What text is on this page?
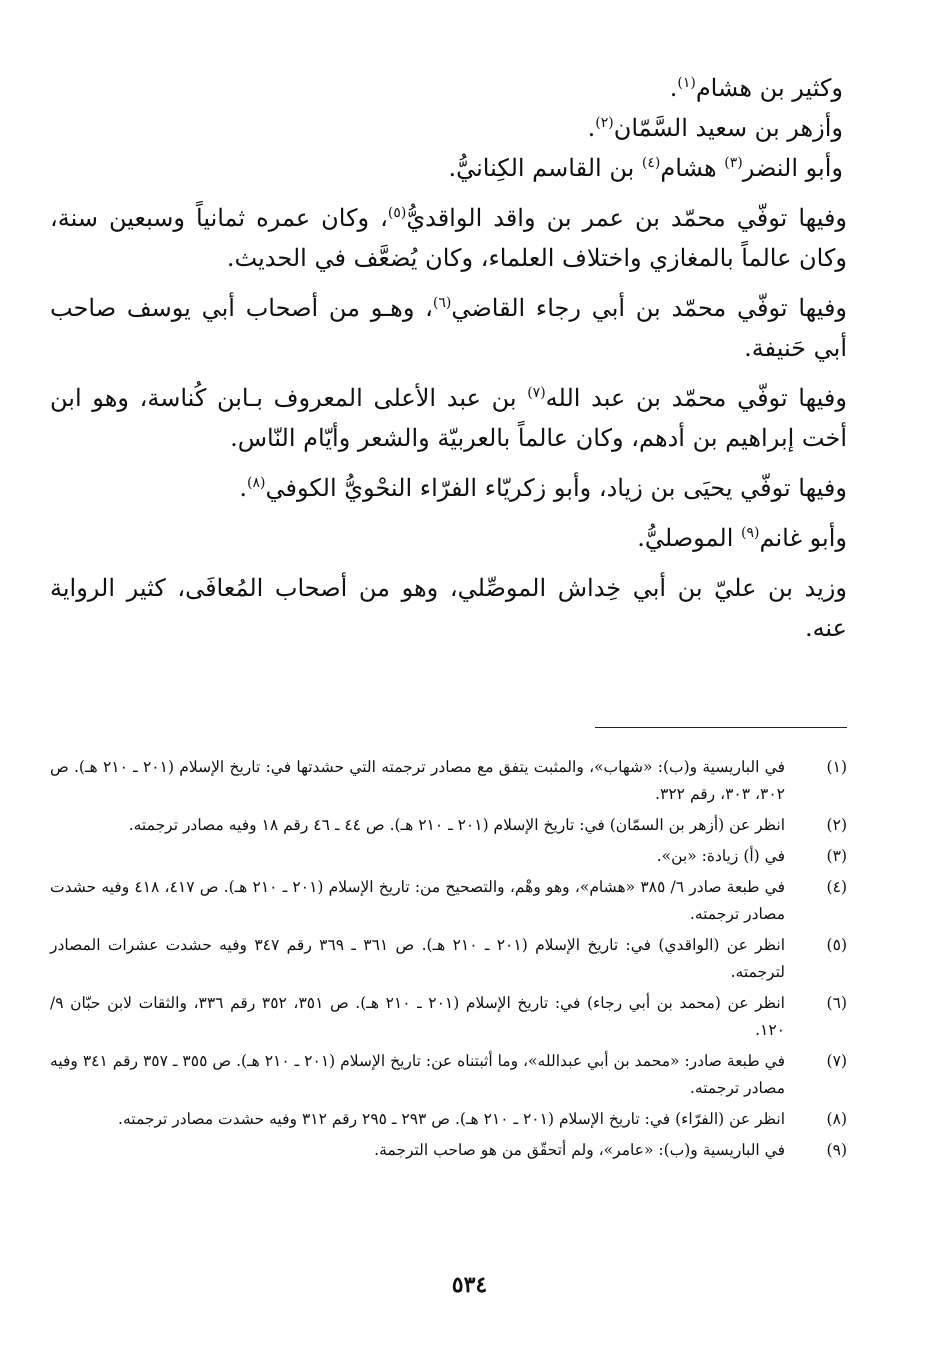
وكثير بن هشام$^{(١)}$.

وأزهر بن سعيد السَّمّان$^{(٢)}$.

وأبو النضر$^{(٣)}$ هشام$^{(٤)}$ بن القاسم الكِنانيُّ.

وفيها توفّي محمّد بن عمر بن واقد الواقديُّ$^{(٥)}$، وكان عمره ثمانياً وسبعين سنة، وكان عالماً بالمغازي واختلاف العلماء، وكان يُضعَّف في الحديث.

وفيها توفّي محمّد بن أبي رجاء القاضي$^{(٦)}$، وهـو من أصحاب أبي يوسف صاحب أبي حَنيفة.

وفيها توفّي محمّد بن عبد الله$^{(٧)}$ بن عبد الأعلى المعروف بـابن كُناسة، وهو ابن أخت إبراهيم بن أدهم، وكان عالماً بالعربيّة والشعر وأيّام النّاس.

وفيها توفّي يحيَى بن زياد، وأبو زكريّاء الفرّاء النحْويُّ الكوفي$^{(٨)}$.

وأبو غانم$^{(٩)}$ الموصليُّ.

وزيد بن عليّ بن أبي خِداش الموصِّلي، وهو من أصحاب المُعافَى، كثير الرواية عنه.

(١)
في الباريسية و(ب): «شهاب»، والمثبت يتفق مع مصادر ترجمته التي حشدتها في: تاريخ الإسلام (٢٠١ ـ ٢١٠ هـ). ص ٣٠٢، ٣٠٣، رقم ٣٢٢.
(٢)
انظر عن (أزهر بن السمّان) في: تاريخ الإسلام (٢٠١ ـ ٢١٠ هـ). ص ٤٤ ـ ٤٦ رقم ١٨ وفيه مصادر ترجمته.
(٣)
في (أ) زيادة: «بن».
(٤)
في طبعة صادر ٦/ ٣٨٥ «هشام»، وهو وهْم، والتصحيح من: تاريخ الإسلام (٢٠١ ـ ٢١٠ هـ). ص ٤١٧، ٤١٨ وفيه حشدت مصادر ترجمته.
(٥)
انظر عن (الواقدي) في: تاريخ الإسلام (٢٠١ ـ ٢١٠ هـ). ص ٣٦١ ـ ٣٦٩ رقم ٣٤٧ وفيه حشدت عشرات المصادر لترجمته.
(٦)
انظر عن (محمد بن أبي رجاء) في: تاريخ الإسلام (٢٠١ ـ ٢١٠ هـ). ص ٣٥١، ٣٥٢ رقم ٣٣٦، والثقات لابن حبّان ٩/ ١٢٠.
(٧)
في طبعة صادر: «محمد بن أبي عبدالله»، وما أثبتناه عن: تاريخ الإسلام (٢٠١ ـ ٢١٠ هـ). ص ٣٥٥ ـ ٣٥٧ رقم ٣٤١ وفيه مصادر ترجمته.
(٨)
انظر عن (الفرّاء) في: تاريخ الإسلام (٢٠١ ـ ٢١٠ هـ). ص ٢٩٣ ـ ٢٩٥ رقم ٣١٢ وفيه حشدت مصادر ترجمته.
(٩)
في الباريسية و(ب): «عامر»، ولم أتحقّق من هو صاحب الترجمة.
٥٣٤
